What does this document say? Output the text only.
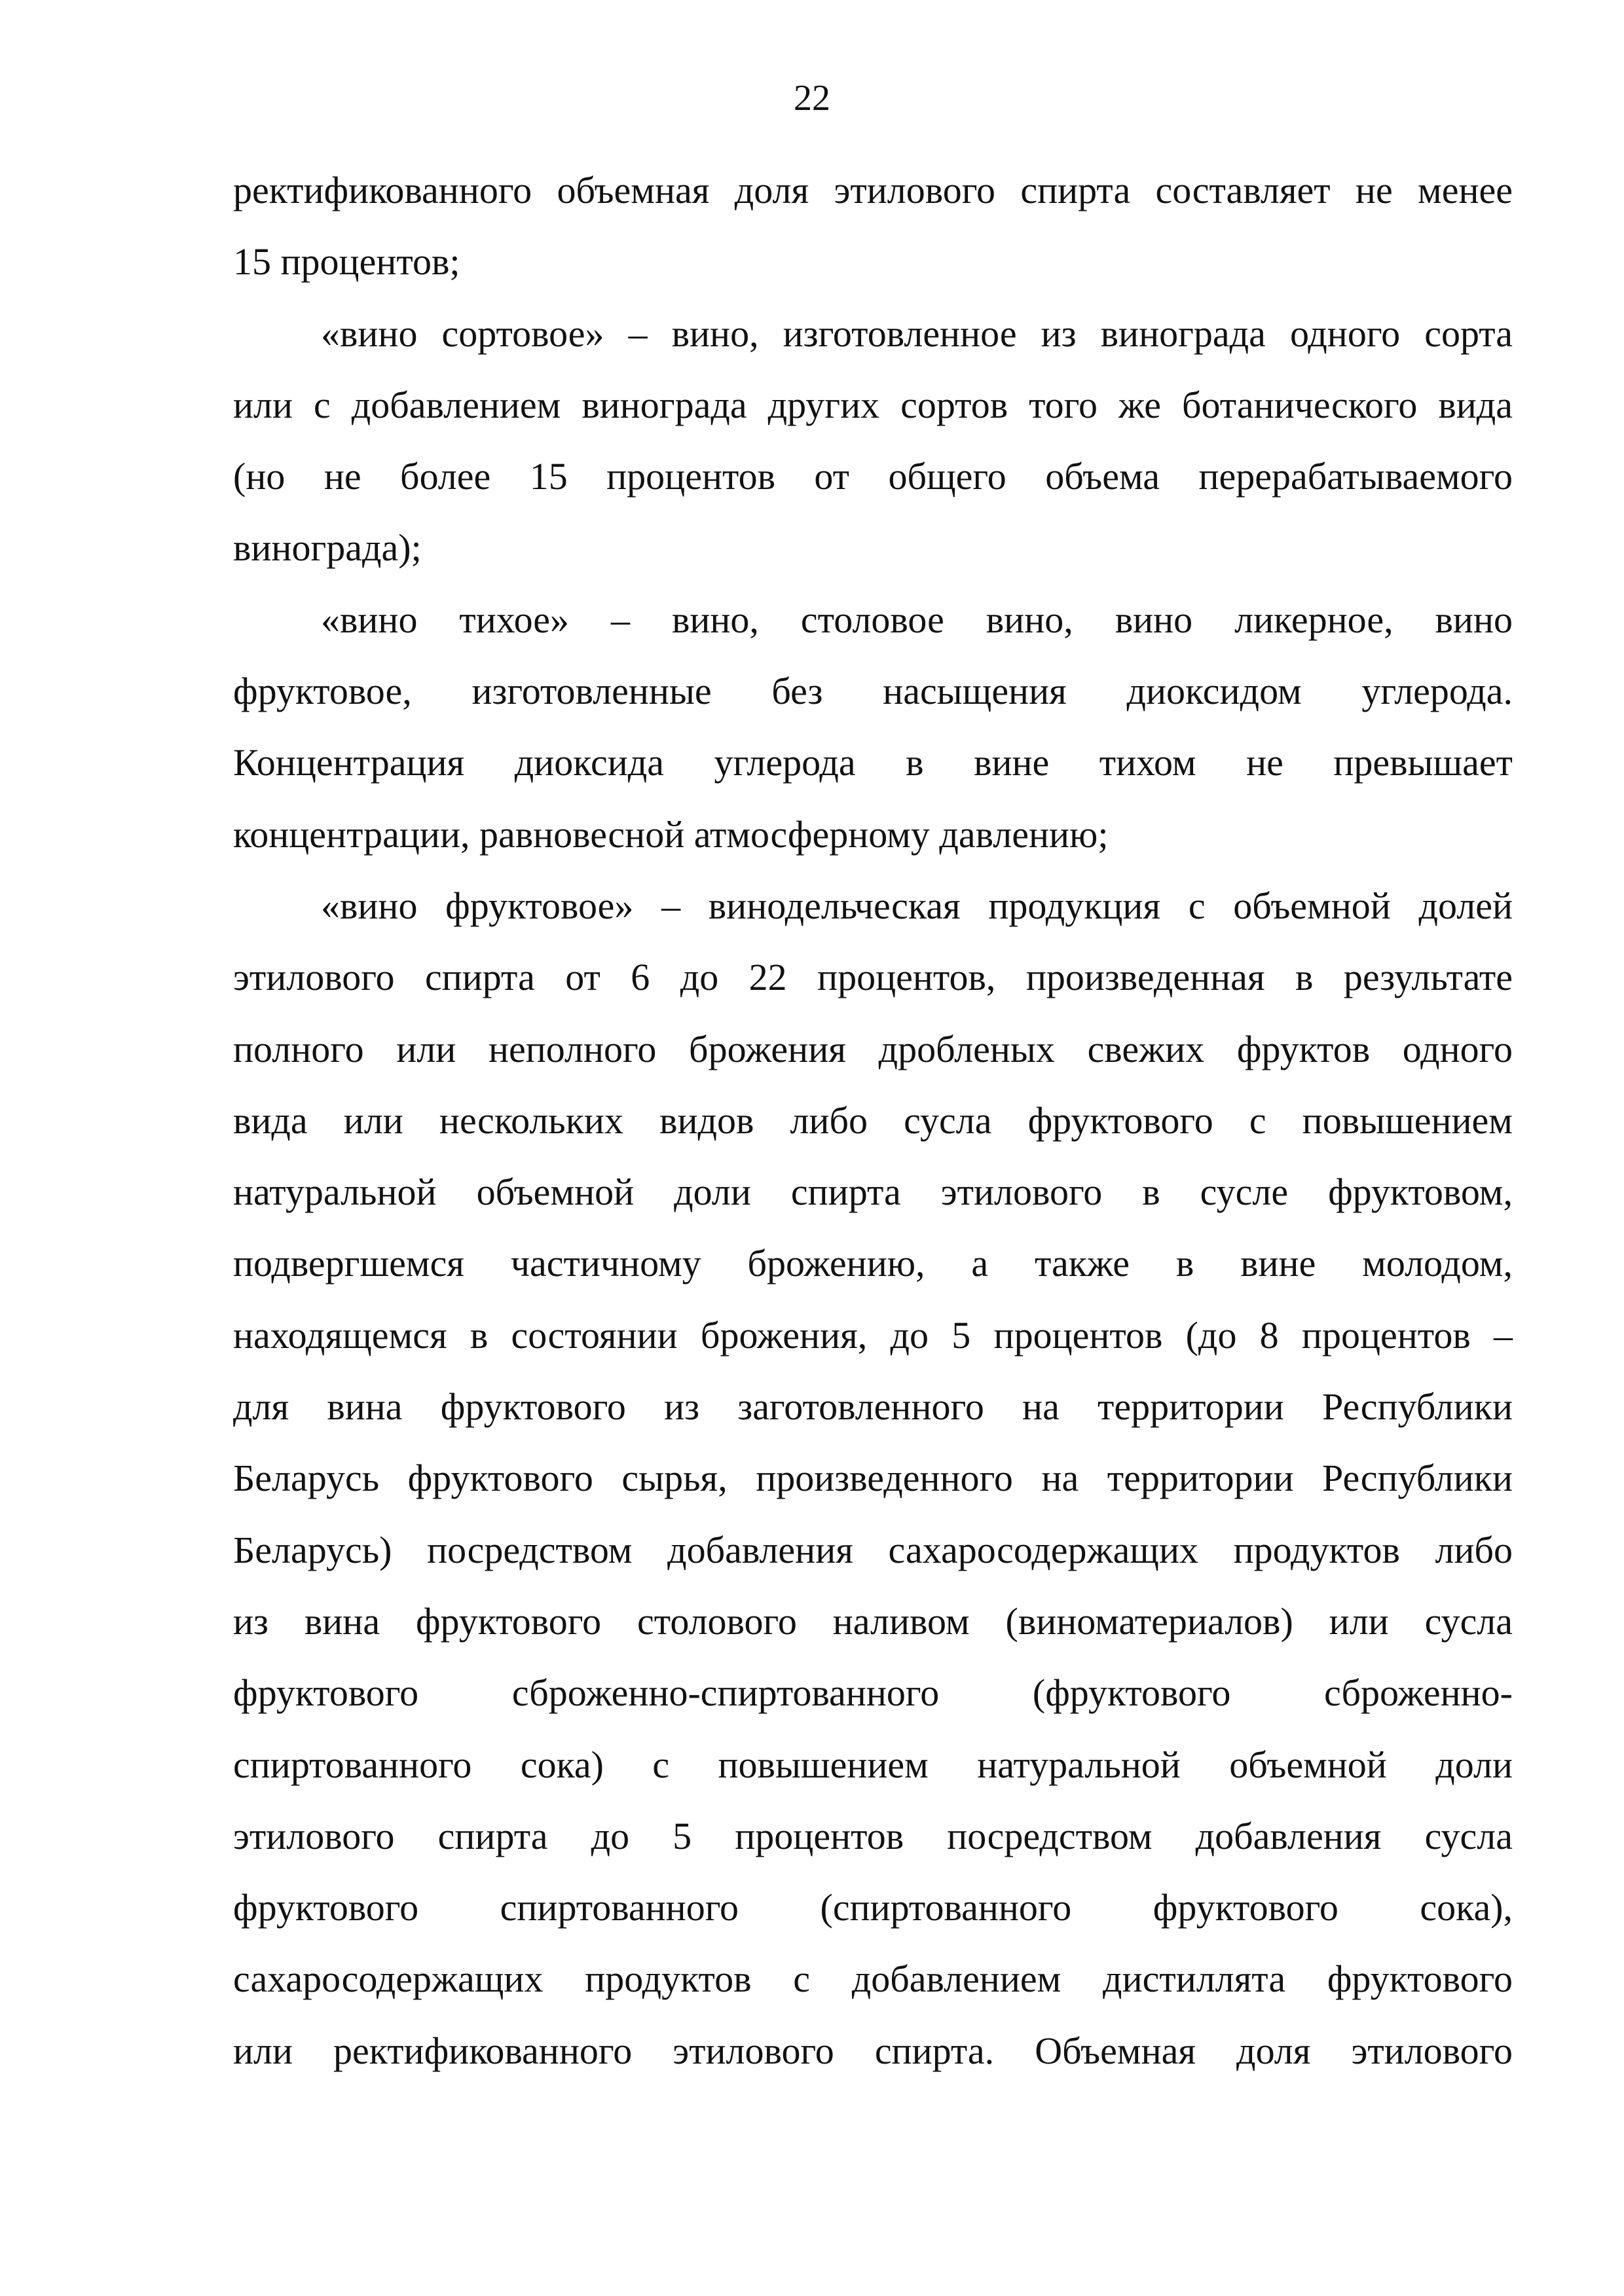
22
ректификованного объемная доля этилового спирта составляет не менее
15 процентов;
«вино сортовое» – вино, изготовленное из винограда одного сорта
или с добавлением винограда других сортов того же ботанического вида
(но не более 15 процентов от общего объема перерабатываемого
винограда);
«вино тихое» – вино, столовое вино, вино ликерное, вино
фруктовое, изготовленные без насыщения диоксидом углерода.
Концентрация диоксида углерода в вине тихом не превышает
концентрации, равновесной атмосферному давлению;
«вино фруктовое» – винодельческая продукция с объемной долей
этилового спирта от 6 до 22 процентов, произведенная в результате
полного или неполного брожения дробленых свежих фруктов одного
вида или нескольких видов либо сусла фруктового с повышением
натуральной объемной доли спирта этилового в сусле фруктовом,
подвергшемся частичному брожению, а также в вине молодом,
находящемся в состоянии брожения, до 5 процентов (до 8 процентов –
для вина фруктового из заготовленного на территории Республики
Беларусь фруктового сырья, произведенного на территории Республики
Беларусь) посредством добавления сахаросодержащих продуктов либо
из вина фруктового столового наливом (виноматериалов) или сусла
фруктового сброженно-спиртованного (фруктового сброженно-
спиртованного сока) с повышением натуральной объемной доли
этилового спирта до 5 процентов посредством добавления сусла
фруктового спиртованного (спиртованного фруктового сока),
сахаросодержащих продуктов с добавлением дистиллята фруктового
или ректификованного этилового спирта. Объемная доля этилового
